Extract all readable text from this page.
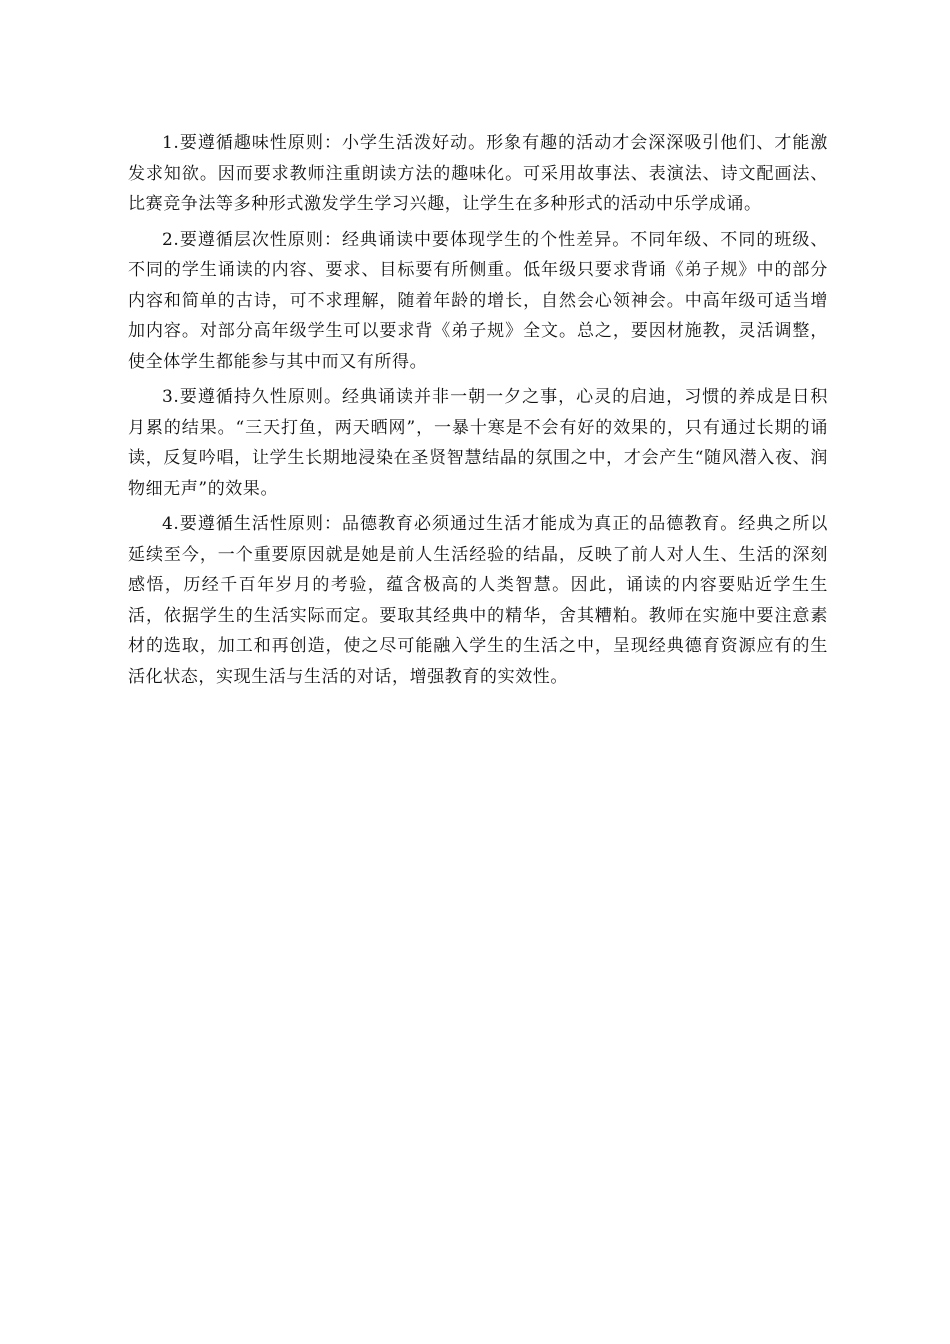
1.要遵循趣味性原则：小学生活泼好动。形象有趣的活动才会深深吸引他们、才能激发求知欲。因而要求教师注重朗读方法的趣味化。可采用故事法、表演法、诗文配画法、比赛竞争法等多种形式激发学生学习兴趣，让学生在多种形式的活动中乐学成诵。

2.要遵循层次性原则：经典诵读中要体现学生的个性差异。不同年级、不同的班级、不同的学生诵读的内容、要求、目标要有所侧重。低年级只要求背诵《弟子规》中的部分内容和简单的古诗，可不求理解，随着年龄的增长，自然会心领神会。中高年级可适当增加内容。对部分高年级学生可以要求背《弟子规》全文。总之，要因材施教，灵活调整，使全体学生都能参与其中而又有所得。

3.要遵循持久性原则。经典诵读并非一朝一夕之事，心灵的启迪，习惯的养成是日积月累的结果。“三天打鱼，两天晒网”，一暴十寒是不会有好的效果的，只有通过长期的诵读，反复吟唱，让学生长期地浸染在圣贤智慧结晶的氛围之中，才会产生“随风潜入夜、润物细无声”的效果。

4.要遵循生活性原则：品德教育必须通过生活才能成为真正的品德教育。经典之所以延续至今，一个重要原因就是她是前人生活经验的结晶，反映了前人对人生、生活的深刻感悟，历经千百年岁月的考验，蕴含极高的人类智慧。因此，诵读的内容要贴近学生生活，依据学生的生活实际而定。要取其经典中的精华，舍其糟粕。教师在实施中要注意素材的选取，加工和再创造，使之尽可能融入学生的生活之中，呈现经典德育资源应有的生活化状态，实现生活与生活的对话，增强教育的实效性。
